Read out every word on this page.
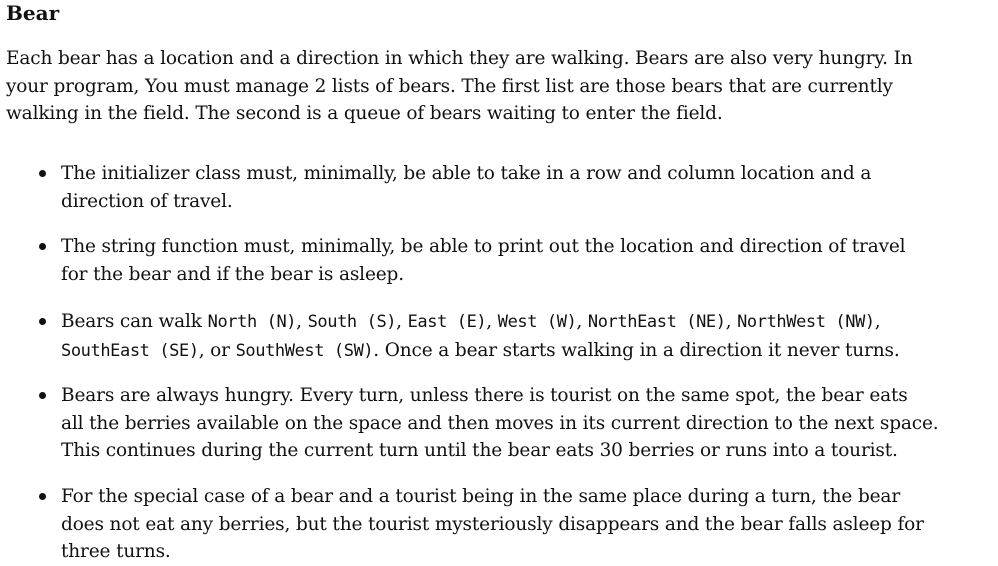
Bear

Each bear has a location and a direction in which they are walking. Bears are also very hungry. In
your program, You must manage 2 lists of bears. The first list are those bears that are currently
walking in the field. The second is a queue of bears waiting to enter the field.

The initializer class must, minimally, be able to take in a row and column location and a
direction of travel.
The string function must, minimally, be able to print out the location and direction of travel
for the bear and if the bear is asleep.
Bears can walk North (N), South (S), East (E), West (W), NorthEast (NE), NorthWest (NW),
SouthEast (SE), or SouthWest (SW). Once a bear starts walking in a direction it never turns.
Bears are always hungry. Every turn, unless there is tourist on the same spot, the bear eats
all the berries available on the space and then moves in its current direction to the next space.
This continues during the current turn until the bear eats 30 berries or runs into a tourist.
For the special case of a bear and a tourist being in the same place during a turn, the bear
does not eat any berries, but the tourist mysteriously disappears and the bear falls asleep for
three turns.
